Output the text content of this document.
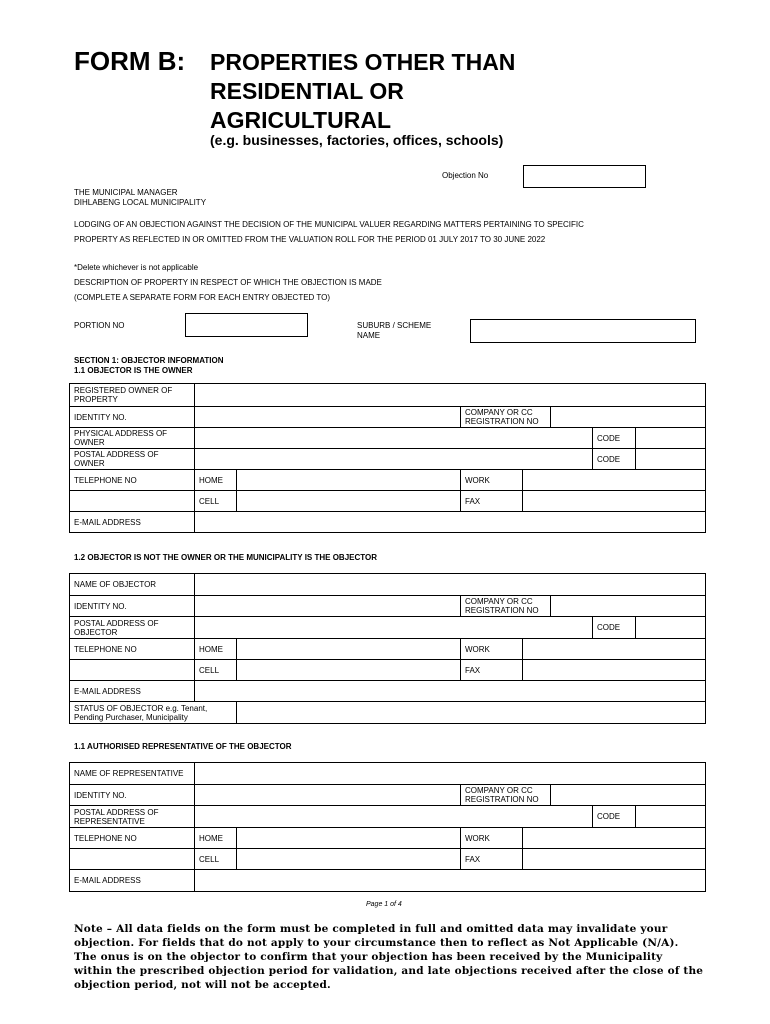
FORM B: PROPERTIES OTHER THAN
RESIDENTIAL OR
AGRICULTURAL
(e.g. businesses, factories, offices, schools)
Objection No
THE MUNICIPAL MANAGER
DIHLABENG LOCAL MUNICIPALITY
LODGING OF AN OBJECTION AGAINST THE DECISION OF THE MUNICIPAL VALUER REGARDING MATTERS PERTAINING TO SPECIFIC
PROPERTY AS REFLECTED IN OR OMITTED FROM THE VALUATION ROLL FOR THE PERIOD 01 JULY 2017 TO 30 JUNE 2022
*Delete whichever is not applicable
DESCRIPTION OF PROPERTY IN RESPECT OF WHICH THE OBJECTION IS MADE
(COMPLETE A SEPARATE FORM FOR EACH ENTRY OBJECTED TO)
PORTION NO	SUBURB / SCHEME
NAME
SECTION 1: OBJECTOR INFORMATION
1.1 OBJECTOR IS THE OWNER
REGISTERED OWNER OF PROPERTY							
IDENTITY NO.			COMPANY OR CC REGISTRATION NO				
PHYSICAL ADDRESS OF OWNER						CODE	
POSTAL ADDRESS OF OWNER						CODE	
TELEPHONE NO	HOME		WORK				
	CELL		FAX				
E-MAIL ADDRESS							
1.2 OBJECTOR IS NOT THE OWNER OR THE MUNICIPALITY IS THE OBJECTOR
NAME OF OBJECTOR							
IDENTITY NO.			COMPANY OR CC REGISTRATION NO				
POSTAL ADDRESS OF OBJECTOR						CODE	
TELEPHONE NO	HOME		WORK				
	CELL		FAX				
E-MAIL ADDRESS							
STATUS OF OBJECTOR e.g. Tenant, Pending Purchaser, Municipality							
1.1 AUTHORISED REPRESENTATIVE OF THE OBJECTOR
NAME OF REPRESENTATIVE							
IDENTITY NO.			COMPANY OR CC REGISTRATION NO				
POSTAL ADDRESS OF REPRESENTATIVE						CODE	
TELEPHONE NO	HOME		WORK				
	CELL		FAX				
E-MAIL ADDRESS							
Page 1 of 4
Note – All data fields on the form must be completed in full and omitted data may invalidate your objection. For fields that do not apply to your circumstance then to reflect as Not Applicable (N/A). The onus is on the objector to confirm that your objection has been received by the Municipality within the prescribed objection period for validation, and late objections received after the close of the objection period, not will not be accepted.
